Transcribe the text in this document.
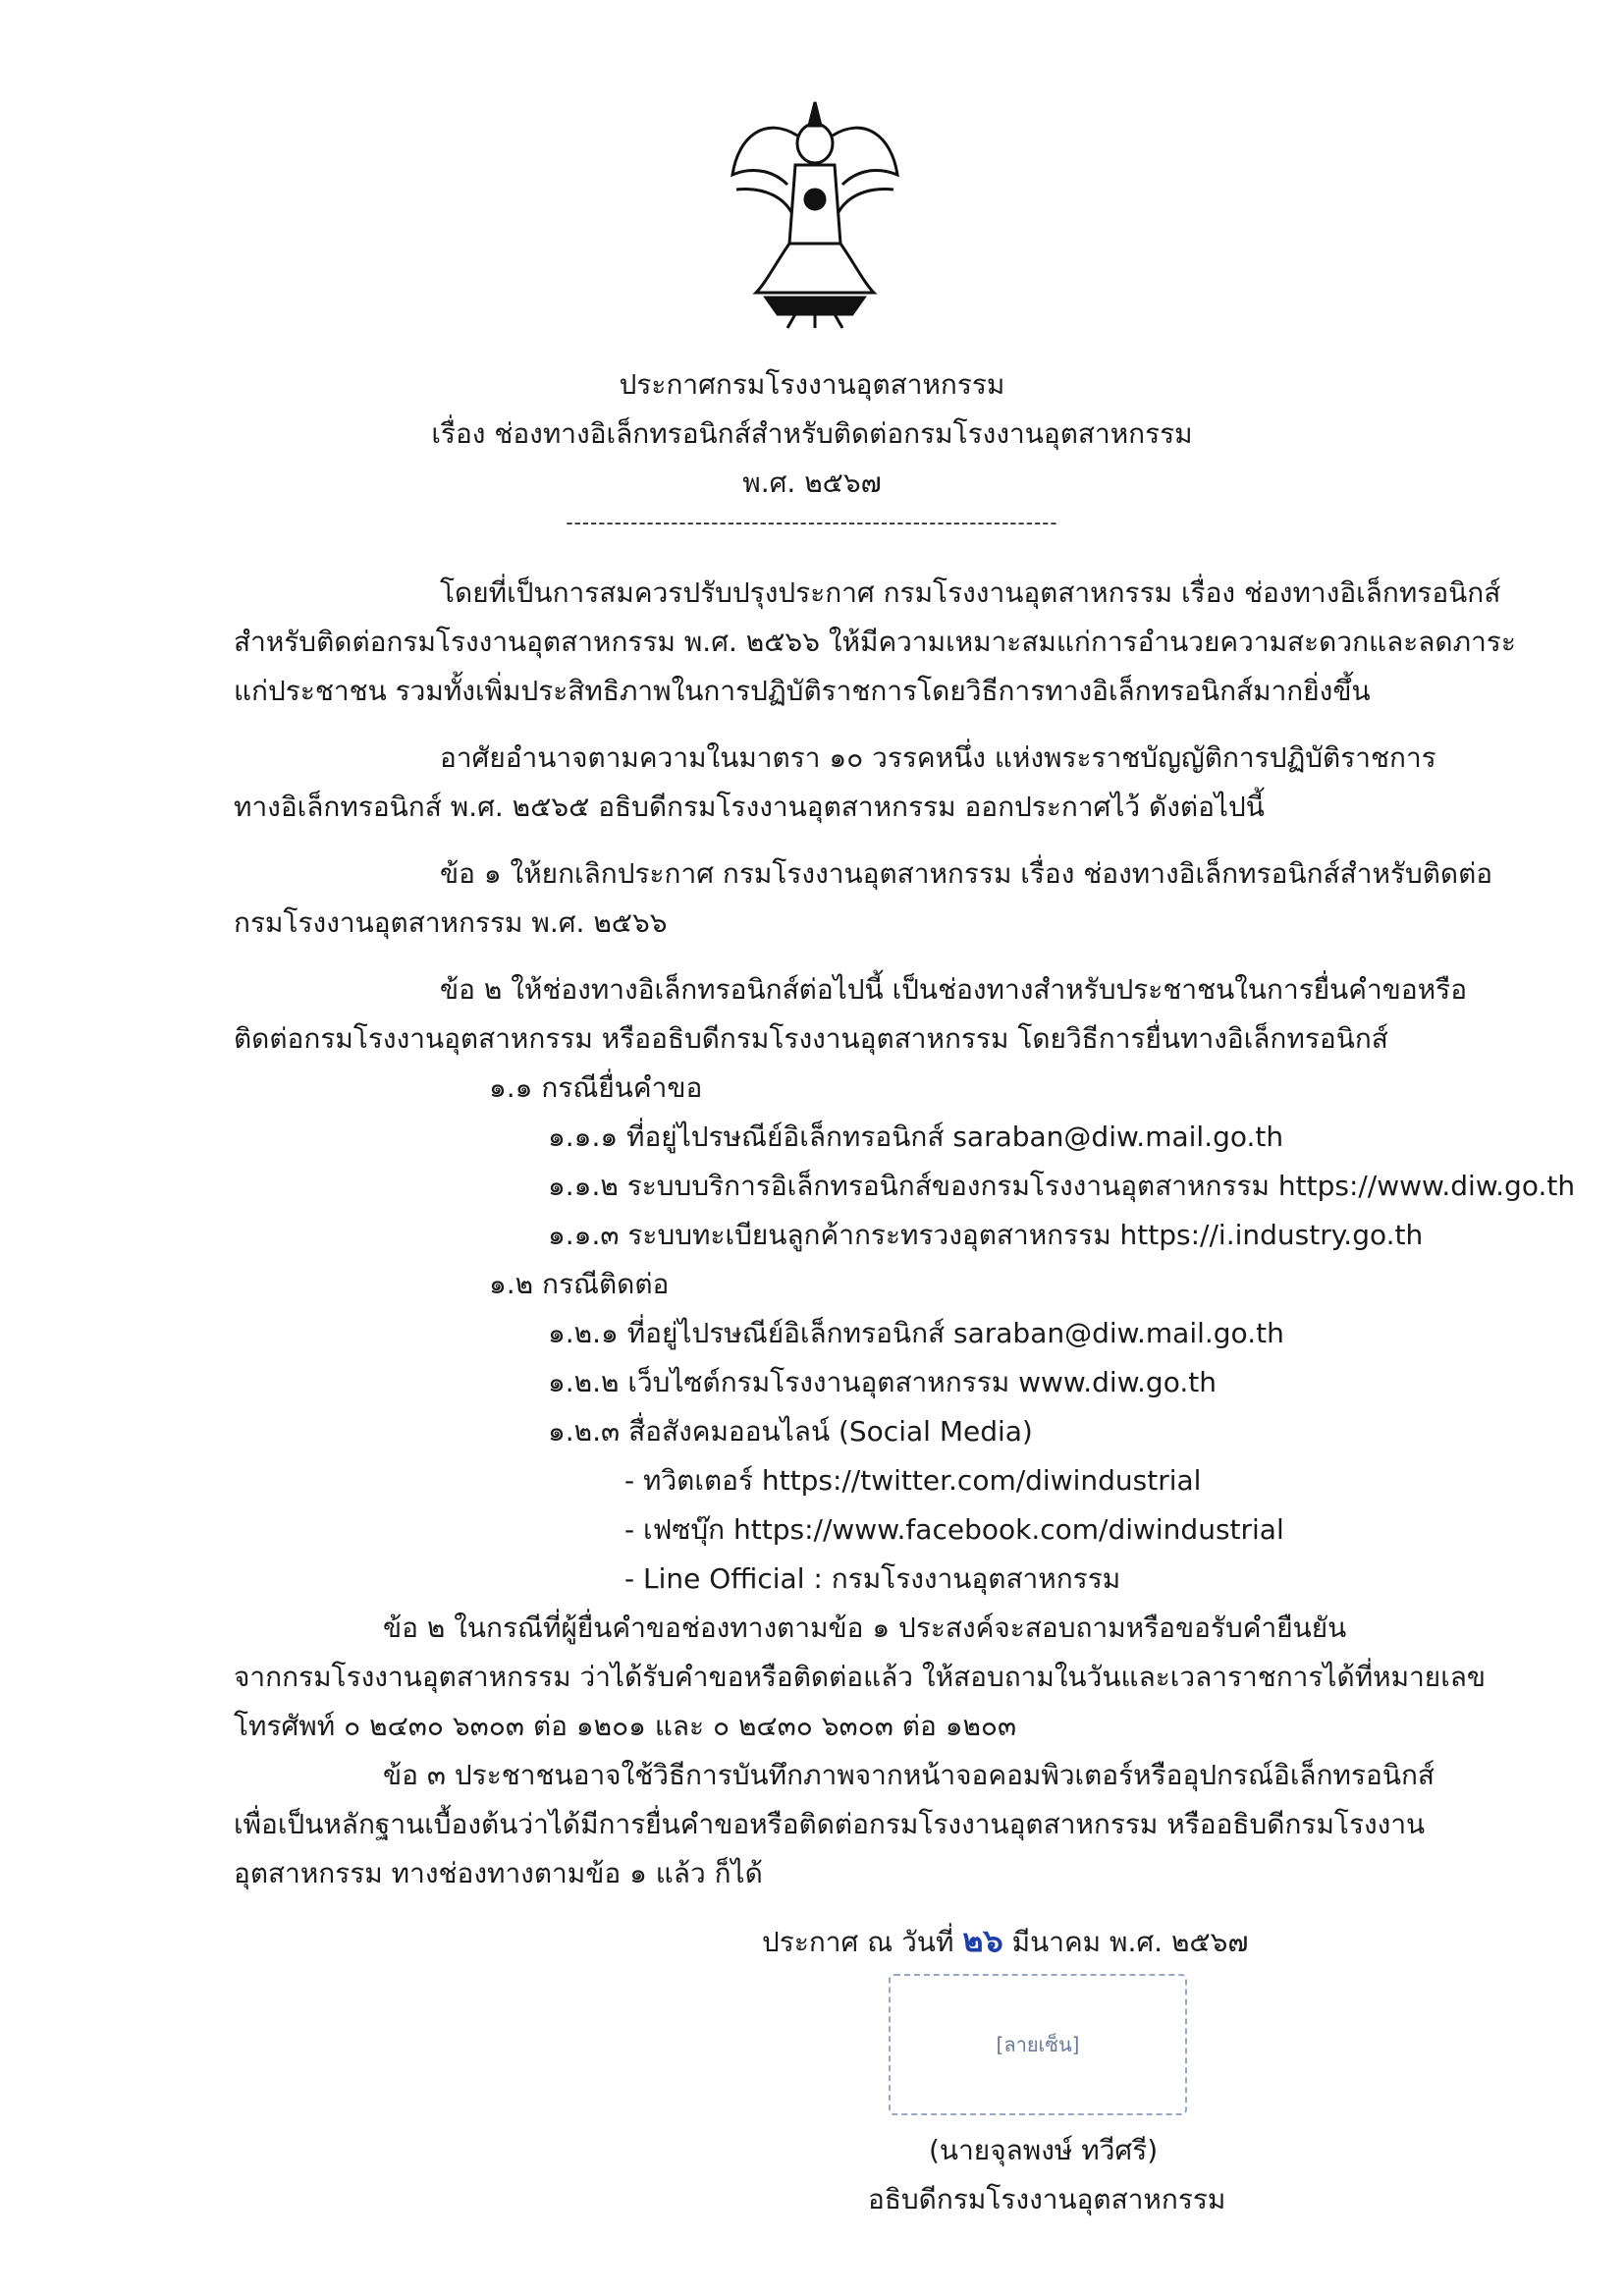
ประกาศกรมโรงงานอุตสาหกรรม
เรื่อง ช่องทางอิเล็กทรอนิกส์สำหรับติดต่อกรมโรงงานอุตสาหกรรม
พ.ศ. ๒๕๖๗
-------------------------------------------------------------
โดยที่เป็นการสมควรปรับปรุงประกาศ กรมโรงงานอุตสาหกรรม เรื่อง ช่องทางอิเล็กทรอนิกส์
สำหรับติดต่อกรมโรงงานอุตสาหกรรม พ.ศ. ๒๕๖๖ ให้มีความเหมาะสมแก่การอำนวยความสะดวกและลดภาระ
แก่ประชาชน รวมทั้งเพิ่มประสิทธิภาพในการปฏิบัติราชการโดยวิธีการทางอิเล็กทรอนิกส์มากยิ่งขึ้น
อาศัยอำนาจตามความในมาตรา ๑๐ วรรคหนึ่ง แห่งพระราชบัญญัติการปฏิบัติราชการ
ทางอิเล็กทรอนิกส์ พ.ศ. ๒๕๖๕ อธิบดีกรมโรงงานอุตสาหกรรม ออกประกาศไว้ ดังต่อไปนี้
ข้อ ๑ ให้ยกเลิกประกาศ กรมโรงงานอุตสาหกรรม เรื่อง ช่องทางอิเล็กทรอนิกส์สำหรับติดต่อ
กรมโรงงานอุตสาหกรรม พ.ศ. ๒๕๖๖
ข้อ ๒ ให้ช่องทางอิเล็กทรอนิกส์ต่อไปนี้ เป็นช่องทางสำหรับประชาชนในการยื่นคำขอหรือ
ติดต่อกรมโรงงานอุตสาหกรรม หรืออธิบดีกรมโรงงานอุตสาหกรรม โดยวิธีการยื่นทางอิเล็กทรอนิกส์
๑.๑ กรณียื่นคำขอ
๑.๑.๑ ที่อยู่ไปรษณีย์อิเล็กทรอนิกส์ saraban@diw.mail.go.th
๑.๑.๒ ระบบบริการอิเล็กทรอนิกส์ของกรมโรงงานอุตสาหกรรม https://www.diw.go.th
๑.๑.๓ ระบบทะเบียนลูกค้ากระทรวงอุตสาหกรรม https://i.industry.go.th
๑.๒ กรณีติดต่อ
๑.๒.๑ ที่อยู่ไปรษณีย์อิเล็กทรอนิกส์ saraban@diw.mail.go.th
๑.๒.๒ เว็บไซต์กรมโรงงานอุตสาหกรรม www.diw.go.th
๑.๒.๓ สื่อสังคมออนไลน์ (Social Media)
- ทวิตเตอร์ https://twitter.com/diwindustrial
- เฟซบุ๊ก https://www.facebook.com/diwindustrial
- Line Official : กรมโรงงานอุตสาหกรรม
ข้อ ๒ ในกรณีที่ผู้ยื่นคำขอช่องทางตามข้อ ๑ ประสงค์จะสอบถามหรือขอรับคำยืนยัน
จากกรมโรงงานอุตสาหกรรม ว่าได้รับคำขอหรือติดต่อแล้ว ให้สอบถามในวันและเวลาราชการได้ที่หมายเลข
โทรศัพท์ ๐ ๒๔๓๐ ๖๓๐๓ ต่อ ๑๒๐๑ และ ๐ ๒๔๓๐ ๖๓๐๓ ต่อ ๑๒๐๓
ข้อ ๓ ประชาชนอาจใช้วิธีการบันทึกภาพจากหน้าจอคอมพิวเตอร์หรืออุปกรณ์อิเล็กทรอนิกส์
เพื่อเป็นหลักฐานเบื้องต้นว่าได้มีการยื่นคำขอหรือติดต่อกรมโรงงานอุตสาหกรรม หรืออธิบดีกรมโรงงาน
อุตสาหกรรม ทางช่องทางตามข้อ ๑ แล้ว ก็ได้
ประกาศ ณ วันที่ ๒๖ มีนาคม พ.ศ. ๒๕๖๗
[ลายเซ็น]
(นายจุลพงษ์ ทวีศรี)
อธิบดีกรมโรงงานอุตสาหกรรม
